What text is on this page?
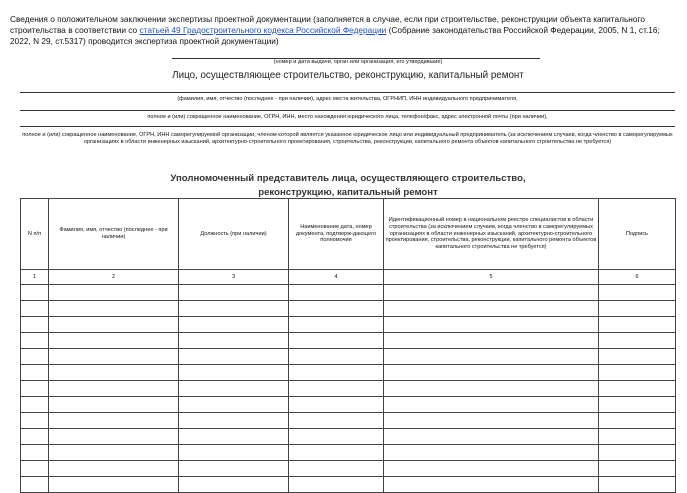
Сведения о положительном заключении экспертизы проектной документации (заполняется в случае, если при строительстве, реконструкции объекта капитального строительства в соответствии со статьей 49 Градостроительного кодекса Российской Федерации (Собрание законодательства Российской Федерации, 2005, N 1, ст.16; 2022, N 29, ст.5317) проводится экспертиза проектной документации)
(номер и дата выдачи, орган или организация, его утвердившие)
Лицо, осуществляющее строительство, реконструкцию, капитальный ремонт
(фамилия, имя, отчество (последнее - при наличии), адрес места жительства, ОГРНИП, ИНН индивидуального предпринимателя,
полное и (или) сокращенное наименование, ОГРН, ИНН, место нахождения юридического лица, телефон/факс, адрес электронной почты (при наличии),
полное и (или) сокращенное наименование, ОГРН, ИНН саморегулируемой организации, членом которой является указанное юридическое лицо или индивидуальный предприниматель (за исключением случаев, когда членство в саморегулируемых организациях в области инженерных изысканий, архитектурно-строительного проектирования, строительства, реконструкции, капитального ремонта объектов капитального строительства не требуется)
Уполномоченный представитель лица, осуществляющего строительство,
реконструкцию, капитальный ремонт
N п/п	Фамилия, имя, отчество (последнее - при наличии)	Должность (при наличии)	Наименование дата, номер документа, подтверж-дающего полномочия	Идентификационный номер в национальном реестре специалистов в области строительства (за исключением случаев, когда членство в саморегулируемых организациях в области инженерных изысканий, архитектурно-строительного проектирования, строительства, реконструкции, капитального ремонта объектов капитального строительства не требуется)	Подпись
1	2	3	4	5	6
